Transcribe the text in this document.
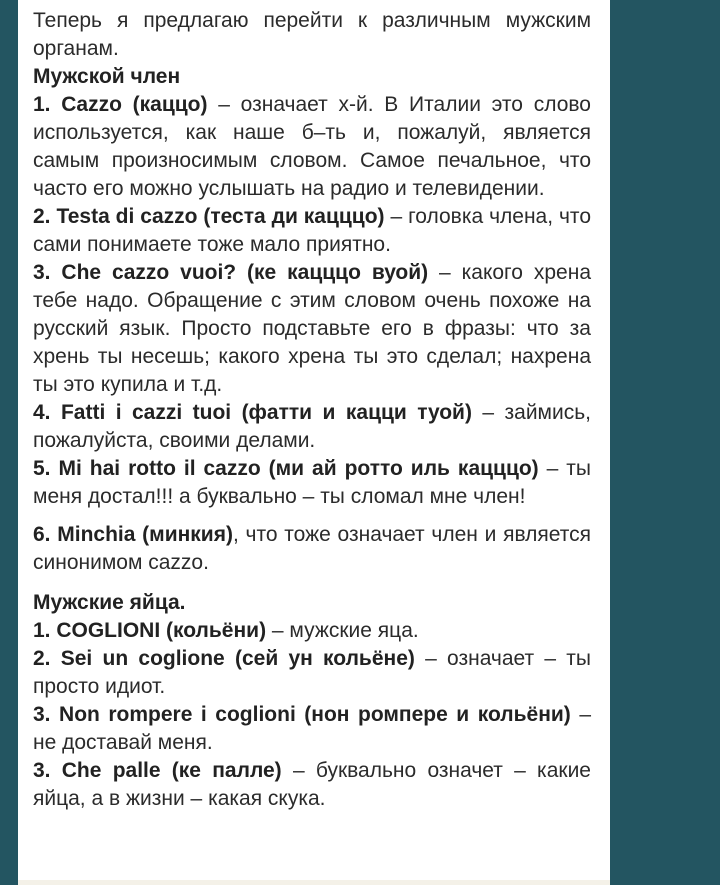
Теперь я предлагаю перейти к различным мужским органам.

Мужской член

1. Cazzo (каццо) – означает х-й. В Италии это слово используется, как наше б–ть и, пожалуй, является самым произносимым словом. Самое печальное, что часто его можно услышать на радио и телевидении.

2. Testa di cazzo (теста ди кацццо) – головка члена, что сами понимаете тоже мало приятно.

3. Che cazzo vuoi? (ке кацццо вуой) – какого хрена тебе надо. Обращение с этим словом очень похоже на русский язык. Просто подставьте его в фразы: что за хрень ты несешь; какого хрена ты это сделал; нахрена ты это купила и т.д.

4. Fatti i cazzi tuoi (фатти и кацци туой) – займись, пожалуйста, своими делами.

5. Mi hai rotto il cazzo (ми ай ротто иль кацццо) – ты меня достал!!! а буквально – ты сломал мне член!

6. Minchia (минкия), что тоже означает член и является синонимом cazzo.

Мужские яйца.

1. COGLIONI (кольёни) – мужские яца.

2. Sei un coglione (сей ун кольёне) – означает – ты просто идиот.

3. Non rompere i coglioni (нон ромпере и кольёни) – не доставай меня.

3. Che palle (ке палле) – буквально означет – какие яйца, а в жизни – какая скука.
